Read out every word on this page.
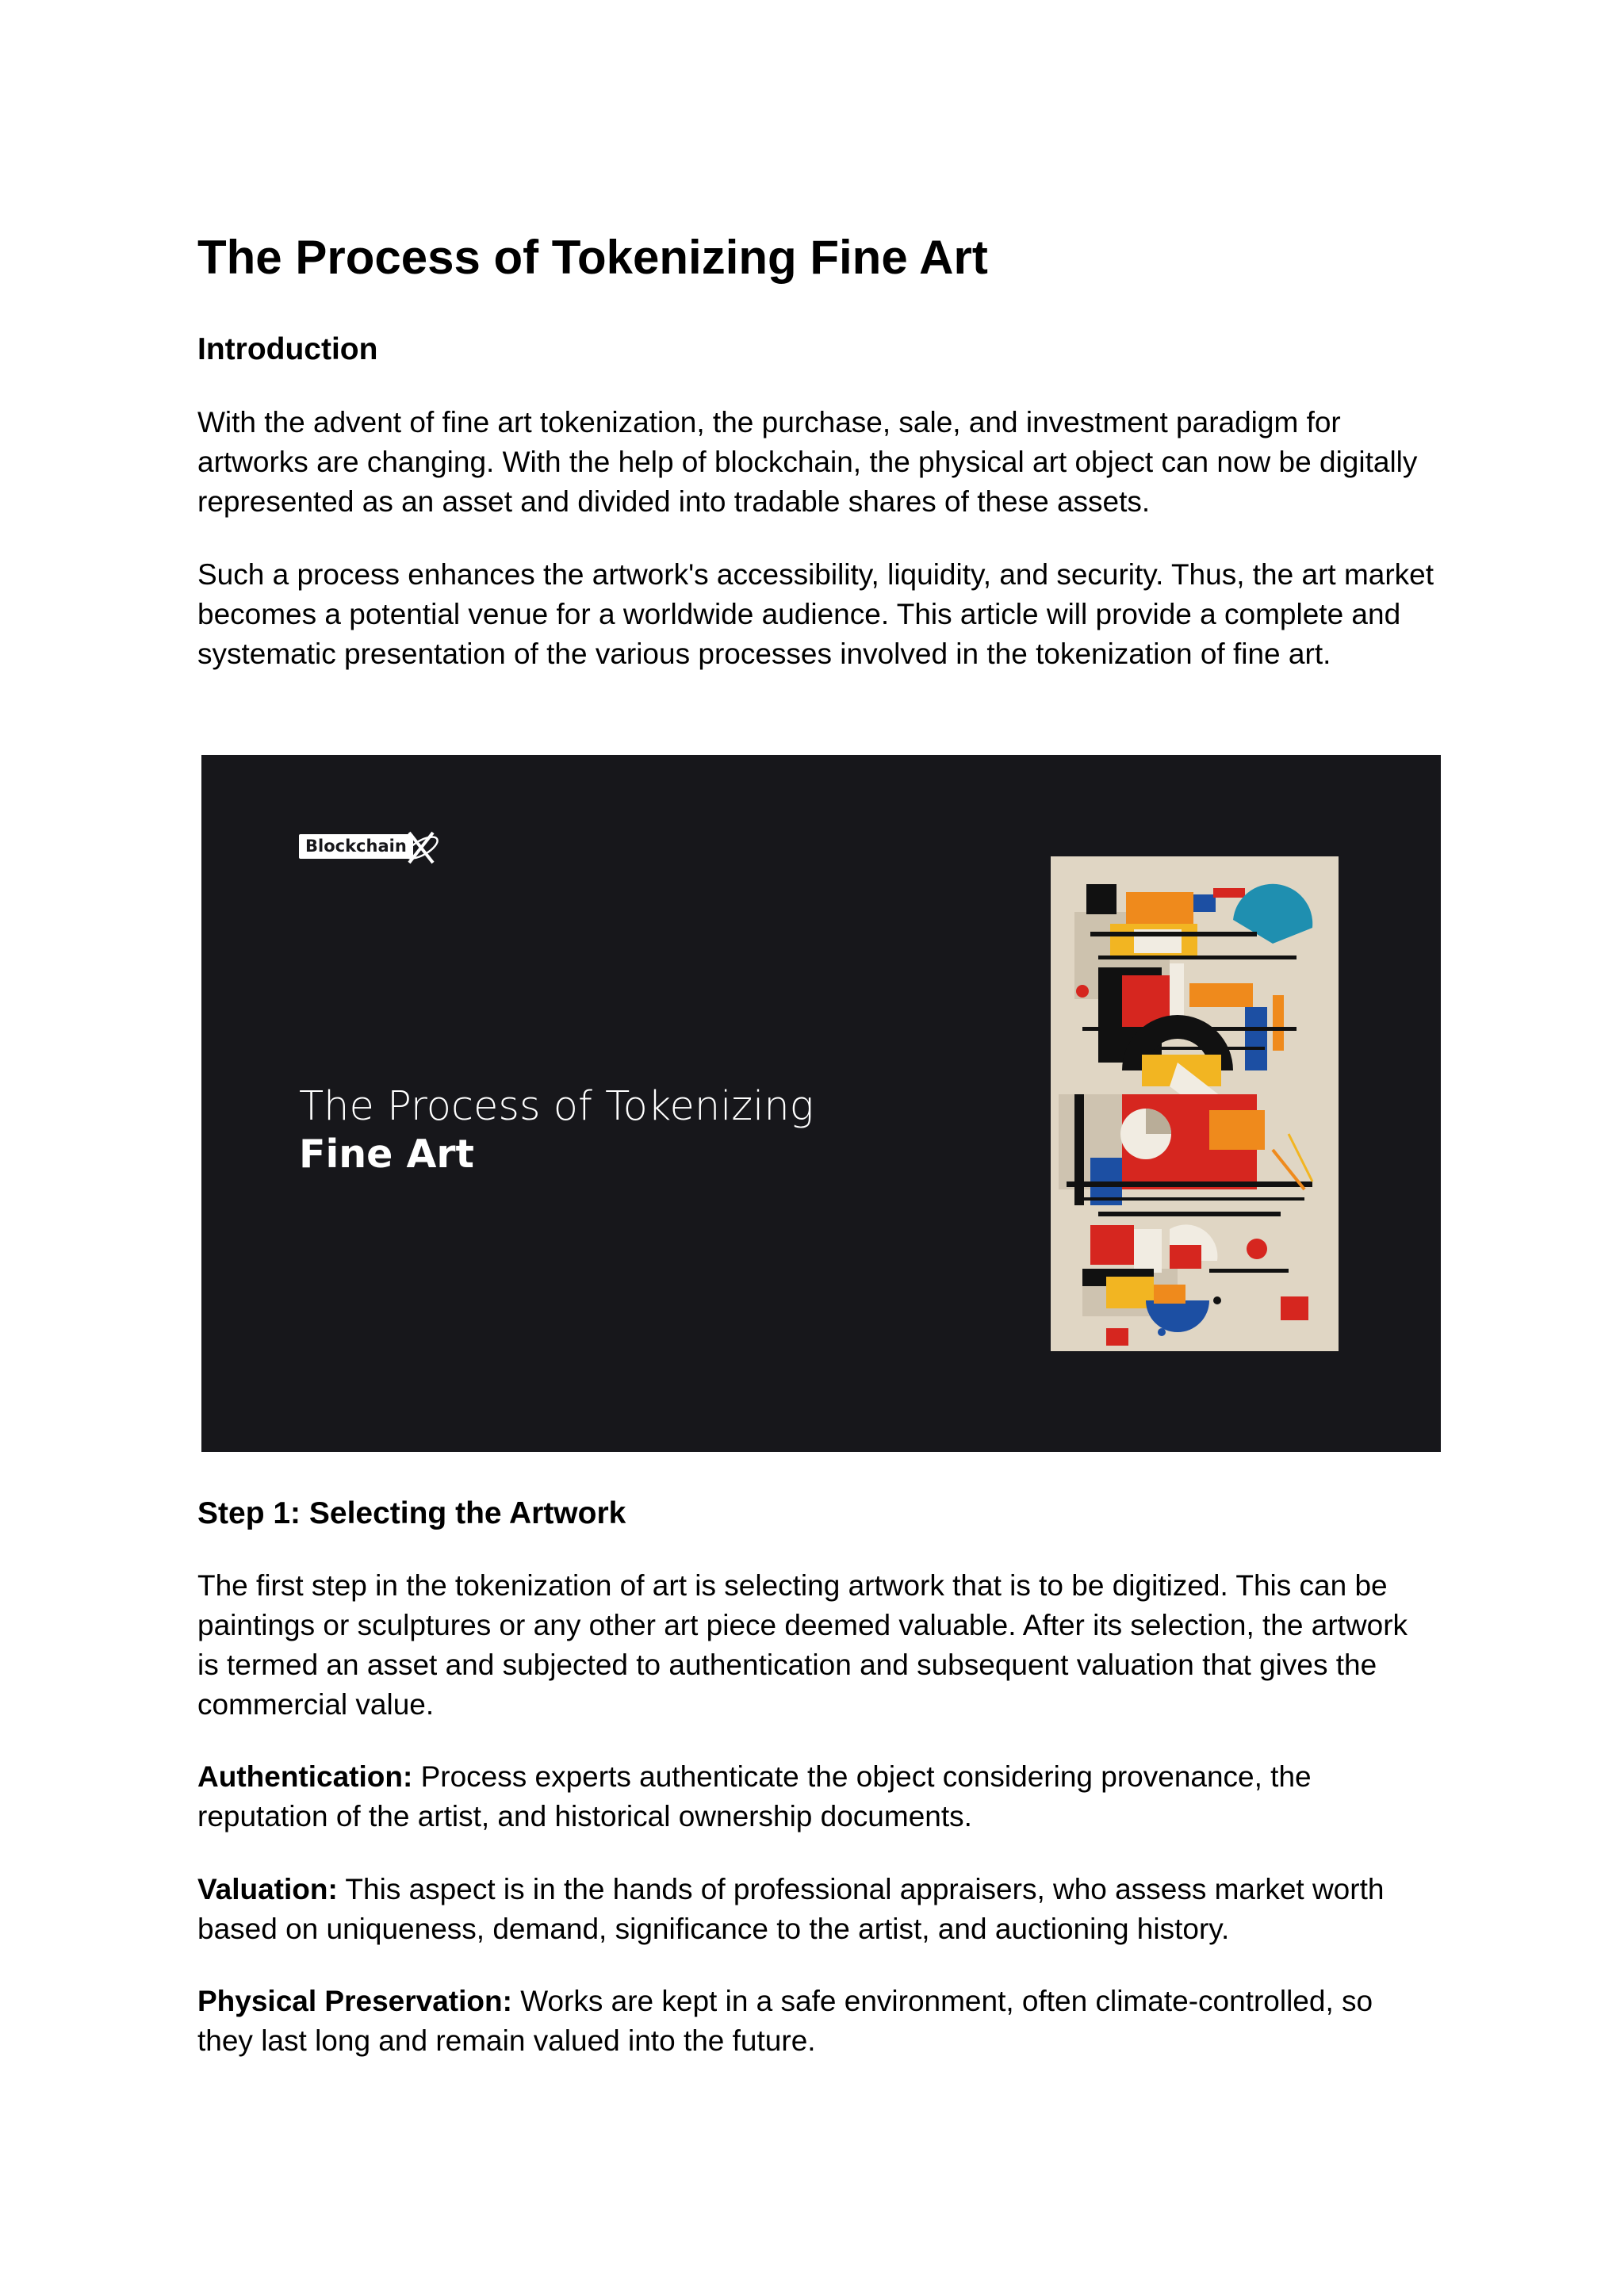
The Process of Tokenizing Fine Art
Introduction

With the advent of fine art tokenization, the purchase, sale, and investment paradigm for artworks are changing. With the help of blockchain, the physical art object can now be digitally represented as an asset and divided into tradable shares of these assets.

Such a process enhances the artwork's accessibility, liquidity, and security. Thus, the art market becomes a potential venue for a worldwide audience. This article will provide a complete and systematic presentation of the various processes involved in the tokenization of fine art.

Step 1: Selecting the Artwork

The first step in the tokenization of art is selecting artwork that is to be digitized. This can be paintings or sculptures or any other art piece deemed valuable. After its selection, the artwork is termed an asset and subjected to authentication and subsequent valuation that gives the commercial value.

Authentication: Process experts authenticate the object considering provenance, the reputation of the artist, and historical ownership documents.

Valuation: This aspect is in the hands of professional appraisers, who assess market worth based on uniqueness, demand, significance to the artist, and auctioning history.

Physical Preservation: Works are kept in a safe environment, often climate-controlled, so they last long and remain valued into the future.

Blockchain
The Process of Tokenizing
Fine Art
